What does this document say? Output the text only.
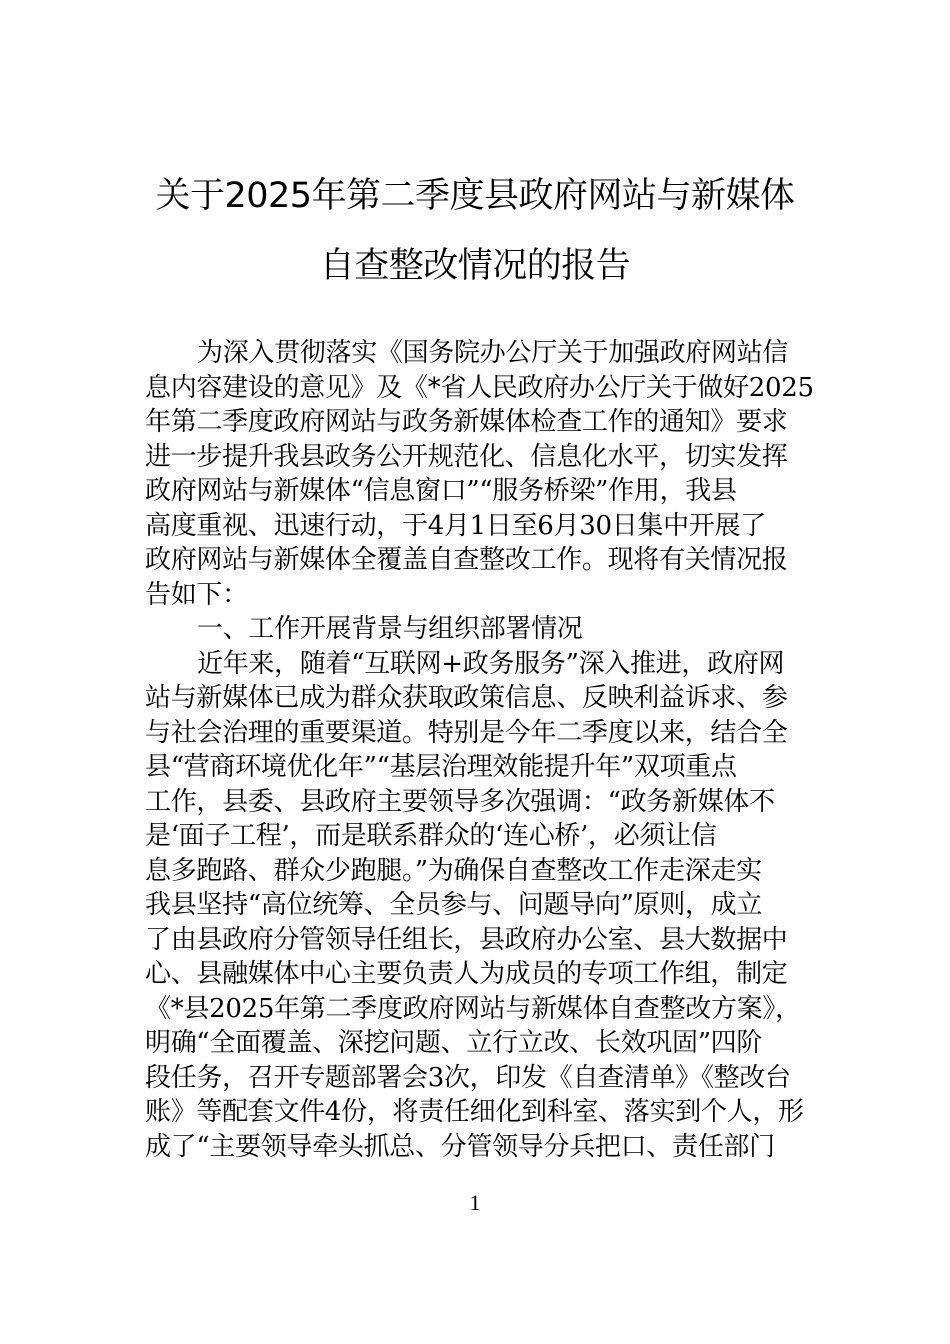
关于2025年第二季度县政府网站与新媒体
自查整改情况的报告
为深入贯彻落实《国务院办公厅关于加强政府网站信
息内容建设的意见》及《*省人民政府办公厅关于做好2025
年第二季度政府网站与政务新媒体检查工作的通知》要求
进一步提升我县政务公开规范化、信息化水平，切实发挥
政府网站与新媒体“信息窗口”“服务桥梁”作用，我县
高度重视、迅速行动，于4月1日至6月30日集中开展了
政府网站与新媒体全覆盖自查整改工作。现将有关情况报
告如下：
一、工作开展背景与组织部署情况
近年来，随着“互联网+政务服务”深入推进，政府网
站与新媒体已成为群众获取政策信息、反映利益诉求、参
与社会治理的重要渠道。特别是今年二季度以来，结合全
县“营商环境优化年”“基层治理效能提升年”双项重点
工作，县委、县政府主要领导多次强调：“政务新媒体不
是‘面子工程’，而是联系群众的‘连心桥’，必须让信
息多跑路、群众少跑腿。”为确保自查整改工作走深走实
我县坚持“高位统筹、全员参与、问题导向”原则，成立
了由县政府分管领导任组长，县政府办公室、县大数据中
心、县融媒体中心主要负责人为成员的专项工作组，制定
《*县2025年第二季度政府网站与新媒体自查整改方案》，
明确“全面覆盖、深挖问题、立行立改、长效巩固”四阶
段任务，召开专题部署会3次，印发《自查清单》《整改台
账》等配套文件4份，将责任细化到科室、落实到个人，形
成了“主要领导牵头抓总、分管领导分兵把口、责任部门
1
